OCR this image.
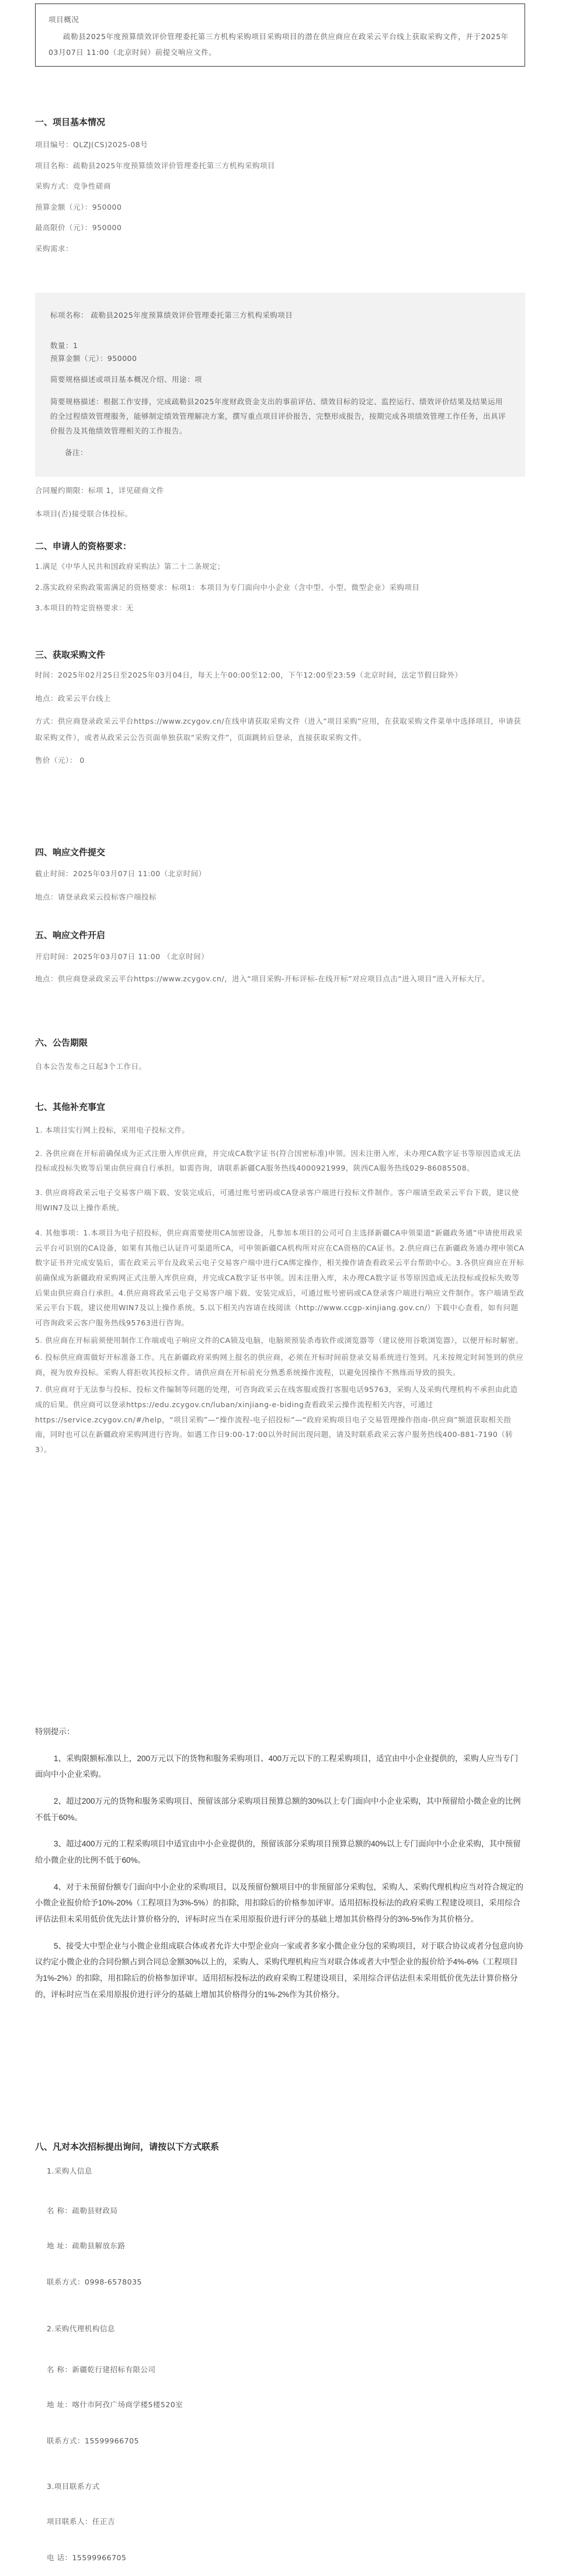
项目概况

疏勒县2025年度预算绩效评价管理委托第三方机构采购项目采购项目的潜在供应商应在政采云平台线上获取采购文件，并于2025年03月07日 11:00（北京时间）前提交响应文件。

一、项目基本情况

项目编号：QLZJ(CS)2025-08号

项目名称：疏勒县2025年度预算绩效评价管理委托第三方机构采购项目

采购方式：竞争性磋商

预算金额（元）：950000

最高限价（元）：950000

采购需求：

标项名称： 疏勒县2025年度预算绩效评价管理委托第三方机构采购项目

数量：1

预算金额（元）：950000

简要规格描述或项目基本概况介绍、用途：项

简要规格描述：根据工作安排，完成疏勒县2025年度财政资金支出的事前评估、绩效目标的设定、监控运行、绩效评价结果及结果运用的全过程绩效管理服务，能够制定绩效管理解决方案，撰写重点项目评价报告，完整形成报告，按期完成各项绩效管理工作任务，出具评价报告及其他绩效管理相关的工作报告。

备注：

合同履约期限：标项 1，详见磋商文件

本项目(否)接受联合体投标。

二、申请人的资格要求：

1.满足《中华人民共和国政府采购法》第二十二条规定；

2.落实政府采购政策需满足的资格要求：标项1：本项目为专门面向中小企业（含中型、小型、微型企业）采购项目

3.本项目的特定资格要求：无

三、获取采购文件

时间：2025年02月25日至2025年03月04日，每天上午00:00至12:00，下午12:00至23:59（北京时间，法定节假日除外）

地点：政采云平台线上

方式：供应商登录政采云平台https://www.zcygov.cn/在线申请获取采购文件（进入“项目采购”应用，在获取采购文件菜单中选择项目，申请获取采购文件），或者从政采云公告页面单独获取“采购文件”，页面跳转后登录，直接获取采购文件。

售价（元）： 0

四、响应文件提交

截止时间：2025年03月07日 11:00（北京时间）

地点：请登录政采云投标客户端投标

五、响应文件开启

开启时间：2025年03月07日 11:00 （北京时间）

地点：供应商登录政采云平台https://www.zcygov.cn/，进入“项目采购-开标评标-在线开标”对应项目点击“进入项目”进入开标大厅。

六、公告期限

自本公告发布之日起3个工作日。

七、其他补充事宜

1. 本项目实行网上投标，采用电子投标文件。

2. 各供应商在开标前确保成为正式注册入库供应商，并完成CA数字证书(符合国密标准)申领。因未注册入库，未办理CA数字证书等原因造成无法投标或投标失败等后果由供应商自行承担。如需咨询，请联系新疆CA服务热线4000921999，陕西CA服务热线029-86085508。

3. 供应商将政采云电子交易客户端下载、安装完成后，可通过账号密码或CA登录客户端进行投标文件制作。客户端请至政采云平台下载，建议使用WIN7及以上操作系统。

4. 其他事项：1.本项目为电子招投标，供应商需要使用CA加密设备，凡参加本项目的公司可自主选择新疆CA申领渠道“新疆政务通”申请使用政采云平台可识别的CA设备，如果有其他已认证许可渠道所CA，可申领新疆CA机构所对应在CA资格的CA证书。2.供应商已在新疆政务通办理申领CA数字证书并完成安装后，需在政采云平台及政采云电子交易客户端中进行CA绑定操作，相关操作请查看政采云平台帮助中心。3.各供应商应在开标前确保成为新疆政府采购网正式注册入库供应商，并完成CA数字证书申领。因未注册入库，未办理CA数字证书等原因造成无法投标或投标失败等后果由供应商自行承担。4.供应商将政采云电子交易客户端下载、安装完成后，可通过账号密码或CA登录客户端进行响应文件制作。客户端请至政采云平台下载，建议使用WIN7及以上操作系统。5.以下相关内容请在线阅读（http://www.ccgp-xinjiang.gov.cn/）下载中心查看，如有问题可咨询政采云客户服务热线95763进行咨询。

5. 供应商在开标前须使用制作工作端或电子响应文件的CA锁及电脑，电脑须预装杀毒软件或浏览器等（建议使用谷歌浏览器），以便开标时解密。

6. 投标供应商需做好开标准备工作。凡在新疆政府采购网上报名的供应商，必须在开标时间前登录交易系统进行签到。凡未按规定时间签到的供应商，视为放弃投标。采购人将拒收其投标文件。请供应商在开标前充分熟悉系统操作流程，以避免因操作不熟练而导致的损失。

7. 供应商对于无法参与投标、投标文件编制等问题的处理，可咨询政采云在线客服或拨打客服电话95763，采购人及采购代理机构不承担由此造成的后果。供应商可以登录https://edu.zcygov.cn/luban/xinjiang-e-biding查看政采云操作流程相关内容，可通过https://service.zcygov.cn/#/help，“项目采购”—“操作流程-电子招投标”—“政府采购项目电子交易管理操作指南-供应商”频道获取相关指南，同时也可以在新疆政府采购网进行咨询。如遇工作日9:00-17:00以外时间出现问题，请及时联系政采云客户服务热线400-881-7190（转3）。

特别提示：

1、采购限额标准以上，200万元以下的货物和服务采购项目、400万元以下的工程采购项目，适宜由中小企业提供的，采购人应当专门面向中小企业采购。

2、超过200万元的货物和服务采购项目、预留该部分采购项目预算总额的30%以上专门面向中小企业采购，其中预留给小微企业的比例不低于60%。

3、超过400万元的工程采购项目中适宜由中小企业提供的，预留该部分采购项目预算总额的40%以上专门面向中小企业采购，其中预留给小微企业的比例不低于60%。

4、对于未预留份额专门面向中小企业的采购项目，以及预留份额项目中的非预留部分采购包，采购人、采购代理机构应当对符合规定的小微企业报价给予10%-20%（工程项目为3%-5%）的扣除，用扣除后的价格参加评审。适用招标投标法的政府采购工程建设项目，采用综合评估法但未采用低价优先法计算价格分的，评标时应当在采用原报价进行评分的基础上增加其价格得分的3%-5%作为其价格分。

5、接受大中型企业与小微企业组成联合体或者允许大中型企业向一家或者多家小微企业分包的采购项目，对于联合协议或者分包意向协议约定小微企业的合同份额占到合同总金额30%以上的，采购人、采购代理机构应当对联合体或者大中型企业的报价给予4%-6%（工程项目为1%-2%）的扣除，用扣除后的价格参加评审。适用招标投标法的政府采购工程建设项目，采用综合评估法但未采用低价优先法计算价格分的，评标时应当在采用原报价进行评分的基础上增加其价格得分的1%-2%作为其价格分。

八、凡对本次招标提出询问，请按以下方式联系

1.采购人信息

名 称：疏勒县财政局

地 址：疏勒县解放东路

联系方式：0998-6578035

2.采购代理机构信息

名 称：新疆乾行建招标有限公司

地 址：喀什市阿孜广场商学楼5楼520室

联系方式：15599966705

3.项目联系方式

项目联系人：任正吉

电 话：15599966705
